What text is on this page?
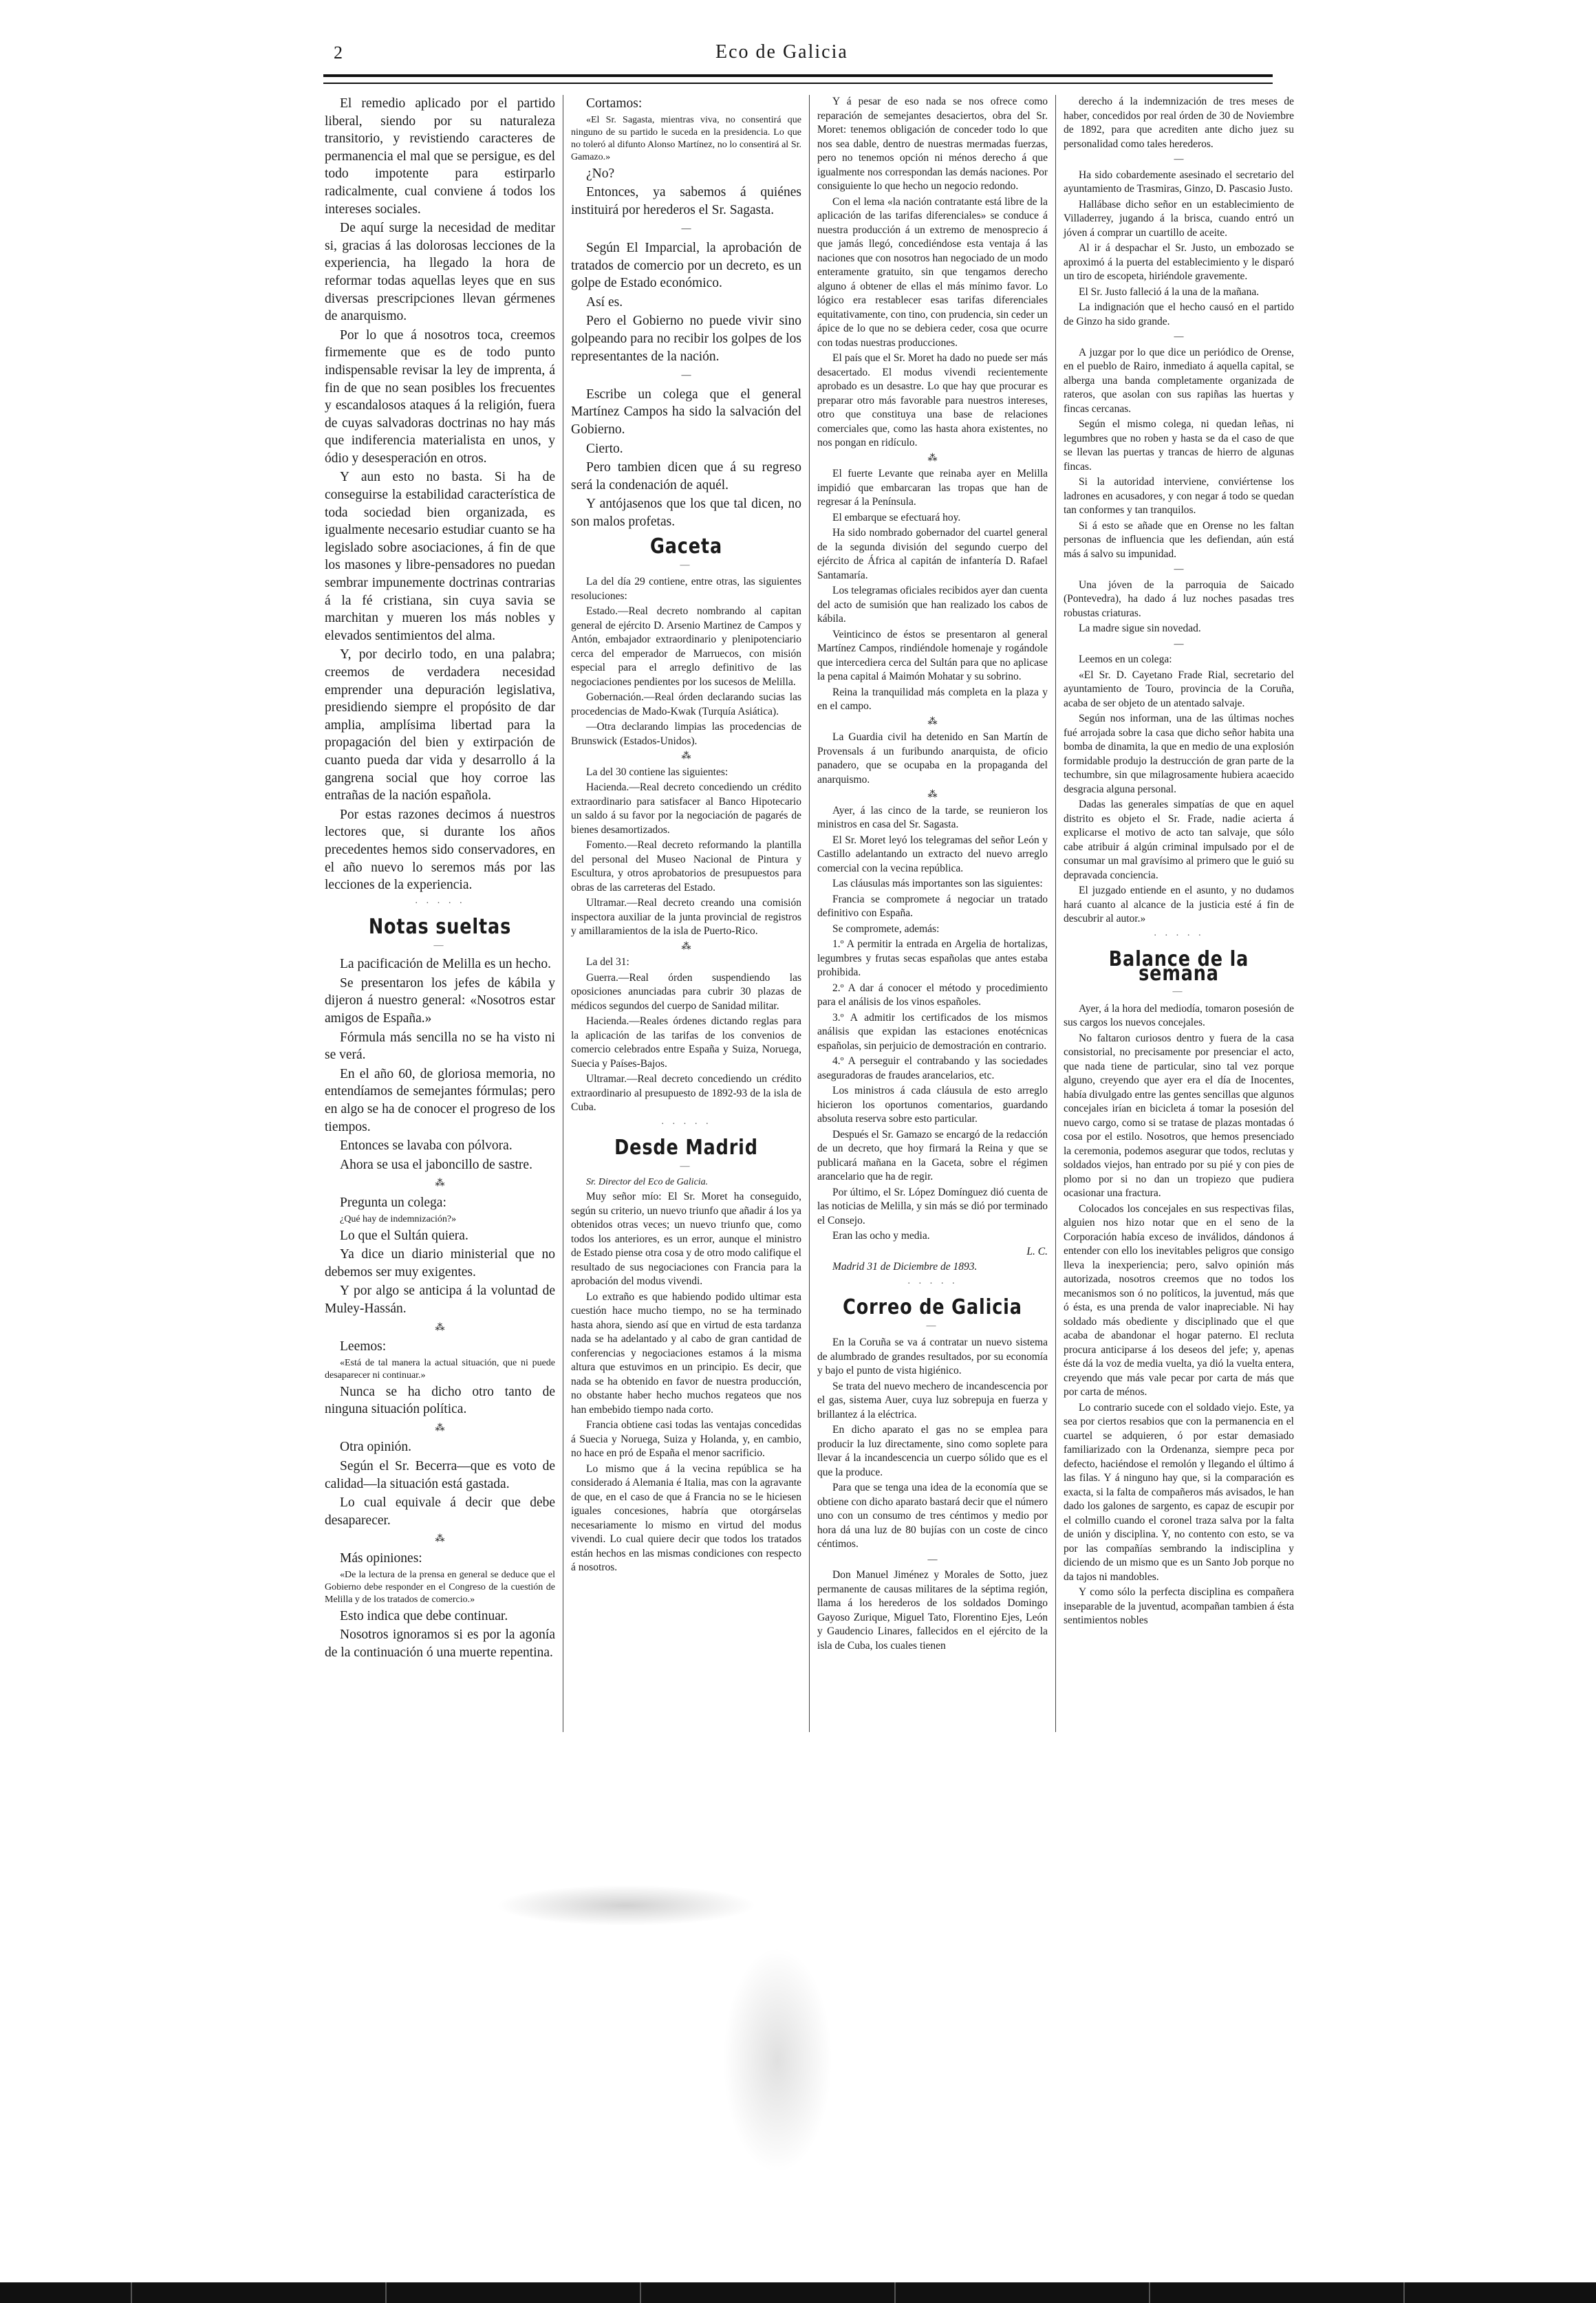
2	Eco de Galicia

El remedio aplicado por el partido liberal, siendo por su naturaleza transitorio, y revistiendo caracteres de permanencia el mal que se persigue, es del todo impotente para estirparlo radicalmente, cual conviene á todos los intereses sociales.

De aquí surge la necesidad de meditar si, gracias á las dolorosas lecciones de la experiencia, ha llegado la hora de reformar todas aquellas leyes que en sus diversas prescripciones llevan gérmenes de anarquismo.

Por lo que á nosotros toca, creemos firmemente que es de todo punto indispensable revisar la ley de imprenta, á fin de que no sean posibles los frecuentes y escandalosos ataques á la religión, fuera de cuyas salvadoras doctrinas no hay más que indiferencia materialista en unos, y ódio y desesperación en otros.

Y aun esto no basta. Si ha de conseguirse la estabilidad característica de toda sociedad bien organizada, es igualmente necesario estudiar cuanto se ha legislado sobre asociaciones, á fin de que los masones y libre-pensadores no puedan sembrar impunemente doctrinas contrarias á la fé cristiana, sin cuya savia se marchitan y mueren los más nobles y elevados sentimientos del alma.

Y, por decirlo todo, en una palabra; creemos de verdadera necesidad emprender una depuración legislativa, presidiendo siempre el propósito de dar amplia, amplísima libertad para la propagación del bien y extirpación de cuanto pueda dar vida y desarrollo á la gangrena social que hoy corroe las entrañas de la nación española.

Por estas razones decimos á nuestros lectores que, si durante los años precedentes hemos sido conservadores, en el año nuevo lo seremos más por las lecciones de la experiencia.

· · · · ·
Notas sueltas
—

La pacificación de Melilla es un hecho.

Se presentaron los jefes de kábila y dijeron á nuestro general: «Nosotros estar amigos de España.»

Fórmula más sencilla no se ha visto ni se verá.

En el año 60, de gloriosa memoria, no entendíamos de semejantes fórmulas; pero en algo se ha de conocer el progreso de los tiempos.

Entonces se lavaba con pólvora.

Ahora se usa el jaboncillo de sastre.

⁂

Pregunta un colega:

¿Qué hay de indemnización?»

Lo que el Sultán quiera.

Ya dice un diario ministerial que no debemos ser muy exigentes.

Y por algo se anticipa á la voluntad de Muley-Hassán.

⁂

Leemos:

«Está de tal manera la actual situación, que ni puede desaparecer ni continuar.»

Nunca se ha dicho otro tanto de ninguna situación política.

⁂

Otra opinión.

Según el Sr. Becerra—que es voto de calidad—la situación está gastada.

Lo cual equivale á decir que debe desaparecer.

⁂

Más opiniones:

«De la lectura de la prensa en general se deduce que el Gobierno debe responder en el Congreso de la cuestión de Melilla y de los tratados de comercio.»

Esto indica que debe continuar.

Nosotros ignoramos si es por la agonía de la continuación ó una muerte repentina.

Cortamos:

«El Sr. Sagasta, mientras viva, no consentirá que ninguno de su partido le suceda en la presidencia. Lo que no toleró al difunto Alonso Martínez, no lo consentirá al Sr. Gamazo.»

¿No?

Entonces, ya sabemos á quiénes instituirá por herederos el Sr. Sagasta.

—

Según El Imparcial, la aprobación de tratados de comercio por un decreto, es un golpe de Estado económico.

Así es.

Pero el Gobierno no puede vivir sino golpeando para no recibir los golpes de los representantes de la nación.

—

Escribe un colega que el general Martínez Campos ha sido la salvación del Gobierno.

Cierto.

Pero tambien dicen que á su regreso será la condenación de aquél.

Y antójasenos que los que tal dicen, no son malos profetas.

Gaceta
—

La del día 29 contiene, entre otras, las siguientes resoluciones:

Estado.—Real decreto nombrando al capitan general de ejército D. Arsenio Martinez de Campos y Antón, embajador extraordinario y plenipotenciario cerca del emperador de Marruecos, con misión especial para el arreglo definitivo de las negociaciones pendientes por los sucesos de Melilla.

Gobernación.—Real órden declarando sucias las procedencias de Mado-Kwak (Turquía Asiática).

—Otra declarando limpias las procedencias de Brunswick (Estados-Unidos).

⁂

La del 30 contiene las siguientes:

Hacienda.—Real decreto concediendo un crédito extraordinario para satisfacer al Banco Hipotecario un saldo á su favor por la negociación de pagarés de bienes desamortizados.

Fomento.—Real decreto reformando la plantilla del personal del Museo Nacional de Pintura y Escultura, y otros aprobatorios de presupuestos para obras de las carreteras del Estado.

Ultramar.—Real decreto creando una comisión inspectora auxiliar de la junta provincial de registros y amillaramientos de la isla de Puerto-Rico.

⁂

La del 31:

Guerra.—Real órden suspendiendo las oposiciones anunciadas para cubrir 30 plazas de médicos segundos del cuerpo de Sanidad militar.

Hacienda.—Reales órdenes dictando reglas para la aplicación de las tarifas de los convenios de comercio celebrados entre España y Suiza, Noruega, Suecia y Países-Bajos.

Ultramar.—Real decreto concediendo un crédito extraordinario al presupuesto de 1892-93 de la isla de Cuba.

· · · · ·
Desde Madrid
—

Sr. Director del Eco de Galicia.

Muy señor mío: El Sr. Moret ha conseguido, según su criterio, un nuevo triunfo que añadir á los ya obtenidos otras veces; un nuevo triunfo que, como todos los anteriores, es un error, aunque el ministro de Estado piense otra cosa y de otro modo califique el resultado de sus negociaciones con Francia para la aprobación del modus vivendi.

Lo extraño es que habiendo podido ultimar esta cuestión hace mucho tiempo, no se ha terminado hasta ahora, siendo así que en virtud de esta tardanza nada se ha adelantado y al cabo de gran cantidad de conferencias y negociaciones estamos á la misma altura que estuvimos en un principio. Es decir, que nada se ha obtenido en favor de nuestra producción, no obstante haber hecho muchos regateos que nos han embebido tiempo nada corto.

Francia obtiene casi todas las ventajas concedidas á Suecia y Noruega, Suiza y Holanda, y, en cambio, no hace en pró de España el menor sacrificio.

Lo mismo que á la vecina república se ha considerado á Alemania é Italia, mas con la agravante de que, en el caso de que á Francia no se le hiciesen iguales concesiones, habría que otorgárselas necesariamente lo mismo en virtud del modus vivendi. Lo cual quiere decir que todos los tratados están hechos en las mismas condiciones con respecto á nosotros.

Y á pesar de eso nada se nos ofrece como reparación de semejantes desaciertos, obra del Sr. Moret: tenemos obligación de conceder todo lo que nos sea dable, dentro de nuestras mermadas fuerzas, pero no tenemos opción ni ménos derecho á que igualmente nos correspondan las demás naciones. Por consiguiente lo que hecho un negocio redondo.

Con el lema «la nación contratante está libre de la aplicación de las tarifas diferenciales» se conduce á nuestra producción á un extremo de menosprecio á que jamás llegó, concediéndose esta ventaja á las naciones que con nosotros han negociado de un modo enteramente gratuito, sin que tengamos derecho alguno á obtener de ellas el más mínimo favor. Lo lógico era restablecer esas tarifas diferenciales equitativamente, con tino, con prudencia, sin ceder un ápice de lo que no se debiera ceder, cosa que ocurre con todas nuestras producciones.

El país que el Sr. Moret ha dado no puede ser más desacertado. El modus vivendi recientemente aprobado es un desastre. Lo que hay que procurar es preparar otro más favorable para nuestros intereses, otro que constituya una base de relaciones comerciales que, como las hasta ahora existentes, no nos pongan en ridículo.

⁂

El fuerte Levante que reinaba ayer en Melilla impidió que embarcaran las tropas que han de regresar á la Península.

El embarque se efectuará hoy.

Ha sido nombrado gobernador del cuartel general de la segunda división del segundo cuerpo del ejército de África al capitán de infantería D. Rafael Santamaría.

Los telegramas oficiales recibidos ayer dan cuenta del acto de sumisión que han realizado los cabos de kábila.

Veinticinco de éstos se presentaron al general Martínez Campos, rindiéndole homenaje y rogándole que intercediera cerca del Sultán para que no aplicase la pena capital á Maimón Mohatar y su sobrino.

Reina la tranquilidad más completa en la plaza y en el campo.

⁂

La Guardia civil ha detenido en San Martín de Provensals á un furibundo anarquista, de oficio panadero, que se ocupaba en la propaganda del anarquismo.

⁂

Ayer, á las cinco de la tarde, se reunieron los ministros en casa del Sr. Sagasta.

El Sr. Moret leyó los telegramas del señor León y Castillo adelantando un extracto del nuevo arreglo comercial con la vecina república.

Las cláusulas más importantes son las siguientes:

Francia se compromete á negociar un tratado definitivo con España.

Se compromete, además:

1.º A permitir la entrada en Argelia de hortalizas, legumbres y frutas secas españolas que antes estaba prohibida.

2.º A dar á conocer el método y procedimiento para el análisis de los vinos españoles.

3.º A admitir los certificados de los mismos análisis que expidan las estaciones enotécnicas españolas, sin perjuicio de demostración en contrario.

4.º A perseguir el contrabando y las sociedades aseguradoras de fraudes arancelarios, etc.

Los ministros á cada cláusula de esto arreglo hicieron los oportunos comentarios, guardando absoluta reserva sobre esto particular.

Después el Sr. Gamazo se encargó de la redacción de un decreto, que hoy firmará la Reina y que se publicará mañana en la Gaceta, sobre el régimen arancelario que ha de regir.

Por último, el Sr. López Domínguez dió cuenta de las noticias de Melilla, y sin más se dió por terminado el Consejo.

Eran las ocho y media.

L. C.

Madrid 31 de Diciembre de 1893.

· · · · ·
Correo de Galicia
—

En la Coruña se va á contratar un nuevo sistema de alumbrado de grandes resultados, por su economía y bajo el punto de vista higiénico.

Se trata del nuevo mechero de incandescencia por el gas, sistema Auer, cuya luz sobrepuja en fuerza y brillantez á la eléctrica.

En dicho aparato el gas no se emplea para producir la luz directamente, sino como soplete para llevar á la incandescencia un cuerpo sólido que es el que la produce.

Para que se tenga una idea de la economía que se obtiene con dicho aparato bastará decir que el número uno con un consumo de tres céntimos y medio por hora dá una luz de 80 bujías con un coste de cinco céntimos.

—

Don Manuel Jiménez y Morales de Sotto, juez permanente de causas militares de la séptima región, llama á los herederos de los soldados Domingo Gayoso Zurique, Miguel Tato, Florentino Ejes, León y Gaudencio Linares, fallecidos en el ejército de la isla de Cuba, los cuales tienen

derecho á la indemnización de tres meses de haber, concedidos por real órden de 30 de Noviembre de 1892, para que acrediten ante dicho juez su personalidad como tales herederos.

—

Ha sido cobardemente asesinado el secretario del ayuntamiento de Trasmiras, Ginzo, D. Pascasio Justo.

Hallábase dicho señor en un establecimiento de Villaderrey, jugando á la brisca, cuando entró un jóven á comprar un cuartillo de aceite.

Al ir á despachar el Sr. Justo, un embozado se aproximó á la puerta del establecimiento y le disparó un tiro de escopeta, hiriéndole gravemente.

El Sr. Justo falleció á la una de la mañana.

La indignación que el hecho causó en el partido de Ginzo ha sido grande.

—

A juzgar por lo que dice un periódico de Orense, en el pueblo de Rairo, inmediato á aquella capital, se alberga una banda completamente organizada de rateros, que asolan con sus rapiñas las huertas y fincas cercanas.

Según el mismo colega, ni quedan leñas, ni legumbres que no roben y hasta se da el caso de que se llevan las puertas y trancas de hierro de algunas fincas.

Si la autoridad interviene, conviértense los ladrones en acusadores, y con negar á todo se quedan tan conformes y tan tranquilos.

Si á esto se añade que en Orense no les faltan personas de influencia que les defiendan, aún está más á salvo su impunidad.

—

Una jóven de la parroquia de Saicado (Pontevedra), ha dado á luz noches pasadas tres robustas criaturas.

La madre sigue sin novedad.

—

Leemos en un colega:

«El Sr. D. Cayetano Frade Rial, secretario del ayuntamiento de Touro, provincia de la Coruña, acaba de ser objeto de un atentado salvaje.

Según nos informan, una de las últimas noches fué arrojada sobre la casa que dicho señor habita una bomba de dinamita, la que en medio de una explosión formidable produjo la destrucción de gran parte de la techumbre, sin que milagrosamente hubiera acaecido desgracia alguna personal.

Dadas las generales simpatías de que en aquel distrito es objeto el Sr. Frade, nadie acierta á explicarse el motivo de acto tan salvaje, que sólo cabe atribuir á algún criminal impulsado por el de consumar un mal gravísimo al primero que le guió su depravada conciencia.

El juzgado entiende en el asunto, y no dudamos hará cuanto al alcance de la justicia esté á fin de descubrir al autor.»

· · · · ·
Balance de la semana
—

Ayer, á la hora del mediodía, tomaron posesión de sus cargos los nuevos concejales.

No faltaron curiosos dentro y fuera de la casa consistorial, no precisamente por presenciar el acto, que nada tiene de particular, sino tal vez porque alguno, creyendo que ayer era el día de Inocentes, había divulgado entre las gentes sencillas que algunos concejales irían en bicicleta á tomar la posesión del nuevo cargo, como si se tratase de plazas montadas ó cosa por el estilo. Nosotros, que hemos presenciado la ceremonia, podemos asegurar que todos, reclutas y soldados viejos, han entrado por su pié y con pies de plomo por si no dan un tropiezo que pudiera ocasionar una fractura.

Colocados los concejales en sus respectivas filas, alguien nos hizo notar que en el seno de la Corporación había exceso de inválidos, dándonos á entender con ello los inevitables peligros que consigo lleva la inexperiencia; pero, salvo opinión más autorizada, nosotros creemos que no todos los mecanismos son ó no políticos, la juventud, más que ó ésta, es una prenda de valor inapreciable. Ni hay soldado más obediente y disciplinado que el que acaba de abandonar el hogar paterno. El recluta procura anticiparse á los deseos del jefe; y, apenas éste dá la voz de media vuelta, ya dió la vuelta entera, creyendo que más vale pecar por carta de más que por carta de ménos.

Lo contrario sucede con el soldado viejo. Este, ya sea por ciertos resabios que con la permanencia en el cuartel se adquieren, ó por estar demasiado familiarizado con la Ordenanza, siempre peca por defecto, haciéndose el remolón y llegando el último á las filas. Y á ninguno hay que, si la comparación es exacta, si la falta de compañeros más avisados, le han dado los galones de sargento, es capaz de escupir por el colmillo cuando el coronel traza salva por la falta de unión y disciplina. Y, no contento con esto, se va por las compañías sembrando la indisciplina y diciendo de un mismo que es un Santo Job porque no da tajos ni mandobles.

Y como sólo la perfecta disciplina es compañera inseparable de la juventud, acompañan tambien á ésta sentimientos nobles
